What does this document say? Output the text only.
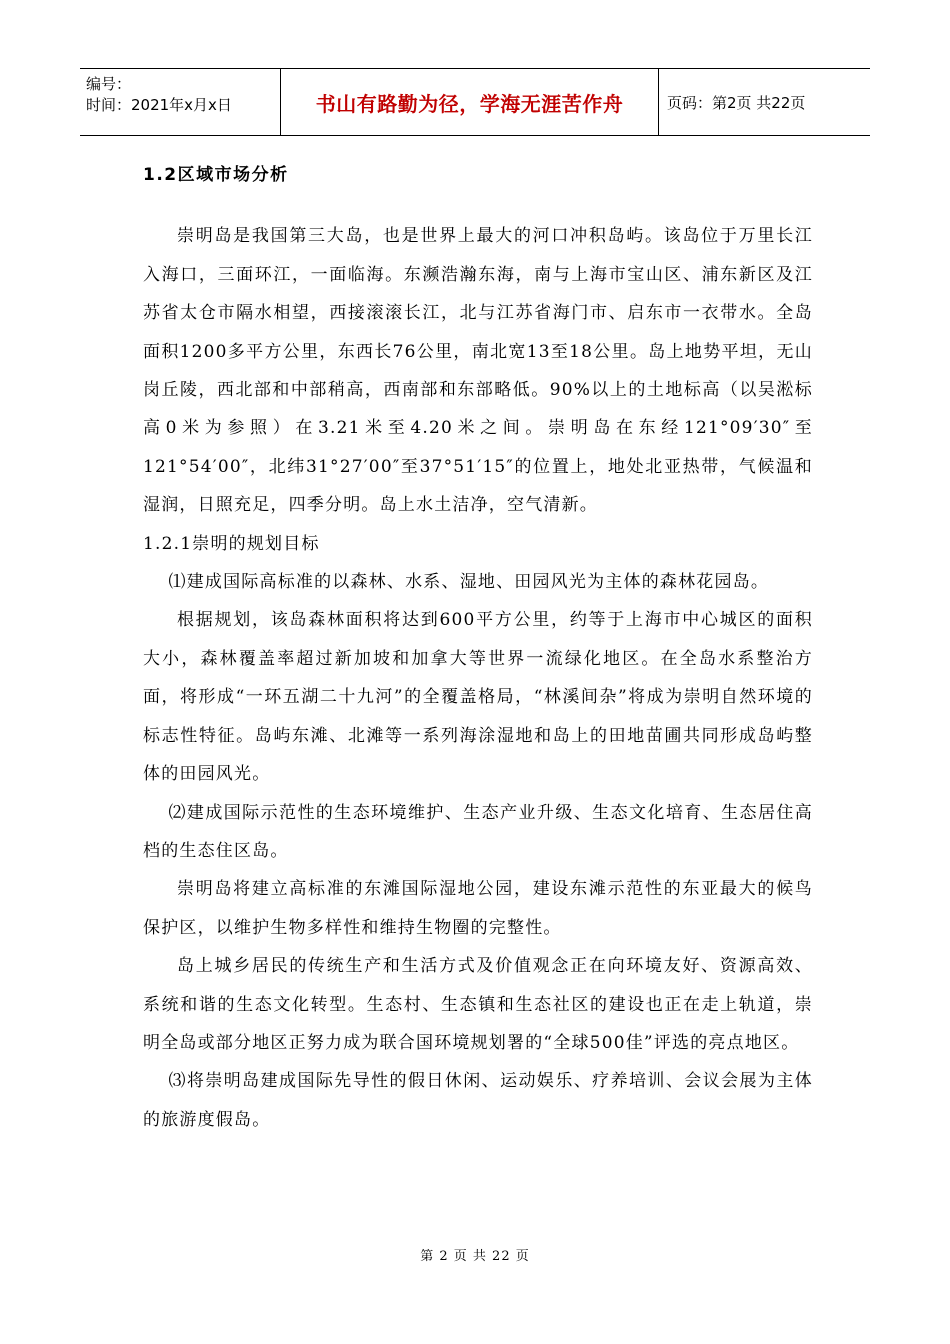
编号：
时间：2021年x月x日	书山有路勤为径，学海无涯苦作舟	页码：第2页 共22页

1.2区域市场分析

崇明岛是我国第三大岛，也是世界上最大的河口冲积岛屿。该岛位于万里长江入海口，三面环江，一面临海。东濒浩瀚东海，南与上海市宝山区、浦东新区及江苏省太仓市隔水相望，西接滚滚长江，北与江苏省海门市、启东市一衣带水。全岛面积1200多平方公里，东西长76公里，南北宽13至18公里。岛上地势平坦，无山岗丘陵，西北部和中部稍高，西南部和东部略低。90%以上的土地标高（以吴淞标高0米为参照）在3.21米至4.20米之间。崇明岛在东经121°09′30″至121°54′00″，北纬31°27′00″至37°51′15″的位置上，地处北亚热带，气候温和湿润，日照充足，四季分明。岛上水土洁净，空气清新。

1.2.1崇明的规划目标

⑴建成国际高标准的以森林、水系、湿地、田园风光为主体的森林花园岛。

根据规划，该岛森林面积将达到600平方公里，约等于上海市中心城区的面积大小，森林覆盖率超过新加坡和加拿大等世界一流绿化地区。在全岛水系整治方面，将形成“一环五湖二十九河”的全覆盖格局，“林溪间杂”将成为崇明自然环境的标志性特征。岛屿东滩、北滩等一系列海涂湿地和岛上的田地苗圃共同形成岛屿整体的田园风光。

⑵建成国际示范性的生态环境维护、生态产业升级、生态文化培育、生态居住高档的生态住区岛。

崇明岛将建立高标准的东滩国际湿地公园，建设东滩示范性的东亚最大的候鸟保护区，以维护生物多样性和维持生物圈的完整性。

岛上城乡居民的传统生产和生活方式及价值观念正在向环境友好、资源高效、系统和谐的生态文化转型。生态村、生态镇和生态社区的建设也正在走上轨道，崇明全岛或部分地区正努力成为联合国环境规划署的“全球500佳”评选的亮点地区。

⑶将崇明岛建成国际先导性的假日休闲、运动娱乐、疗养培训、会议会展为主体的旅游度假岛。

第 2 页 共 22 页
